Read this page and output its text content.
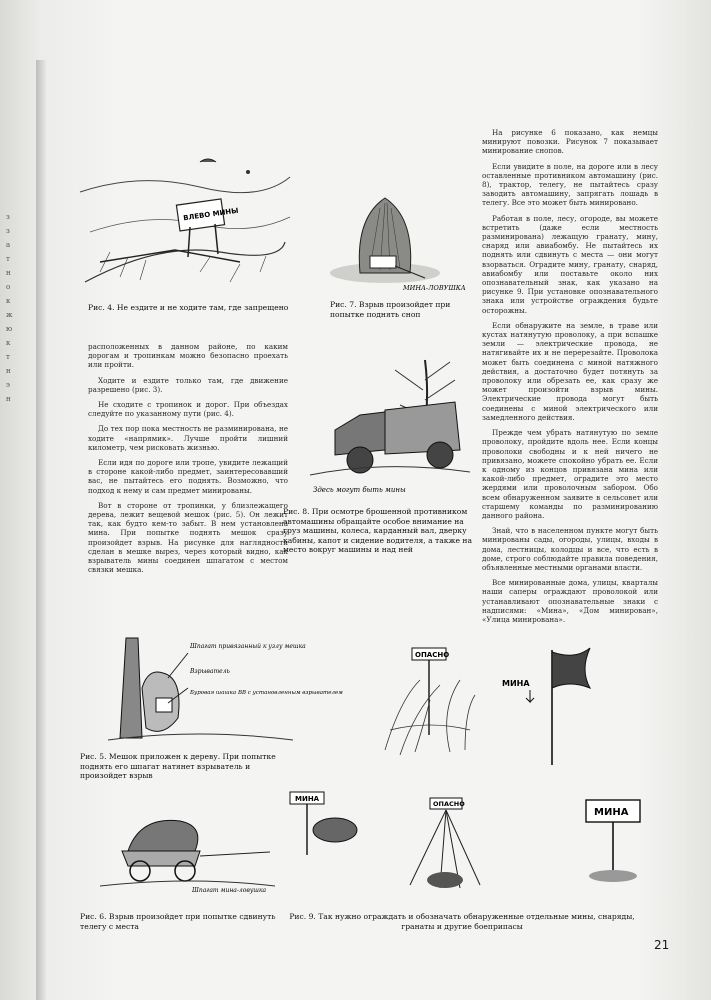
з
з
а
т
н
о
к
ж
ю
к
т
н
э
н
ВЛЕВО МИНЫ
Рис. 4. Не ездите и не ходите там, где запрещено
МИНА-ЛОВУШКА
Рис. 7. Взрыв произойдет при попытке поднять сноп

расположенных в данном районе, по каким дорогам и тропинкам можно безопасно проехать или пройти.

Ходите и ездите только там, где движение разрешено (рис. 3).

Не сходите с тропинок и дорог. При объездах следуйте по указанному пути (рис. 4).

До тех пор пока местность не разминирована, не ходите «напрямик». Лучше пройти лишний километр, чем рисковать жизнью.

Если идя по дороге или тропе, увидите лежащий в стороне какой-либо предмет, заинтересовавший вас, не пытайтесь его поднять. Возможно, что подход к нему и сам предмет минированы.

Вот в стороне от тропинки, у близлежащего дерева, лежит вещевой мешок (рис. 5). Он лежит так, как будто кем-то забыт. В нем установлена мина. При попытке поднять мешок сразу произойдет взрыв. На рисунке для наглядности сделан в мешке вырез, через который видно, как взрыватель мины соединен шпагатом с местом связки мешка.

Здесь могут быть мины
Рис. 8. При осмотре брошенной противником автомашины обращайте особое внимание на груз машины, колеса, карданный вал, дверку кабины, капот и сидение водителя, а также на место вокруг машины и над ней

На рисунке 6 показано, как немцы минируют повозки. Рисунок 7 показывает минирование снопов.

Если увидите в поле, на дороге или в лесу оставленные противником автомашину (рис. 8), трактор, телегу, не пытайтесь сразу заводить автомашину, запрягать лошадь в телегу. Все это может быть минировано.

Работая в поле, лесу, огороде, вы можете встретить (даже если местность разминирована) лежащую гранату, мину, снаряд или авиабомбу. Не пытайтесь их поднять или сдвинуть с места — они могут взорваться. Оградите мину, гранату, снаряд, авиабомбу или поставьте около них опознавательный знак, как указано на рисунке 9. При установке опознавательного знака или устройстве ограждения будьте осторожны.

Если обнаружите на земле, в траве или кустах натянутую проволоку, а при вспашке земли — электрические провода, не натягивайте их и не перерезайте. Проволока может быть соединена с миной натяжного действия, а достаточно будет потянуть за проволоку или обрезать ее, как сразу же может произойти взрыв мины. Электрические провода могут быть соединены с миной электрического или замедленного действия.

Прежде чем убрать натянутую по земле проволоку, пройдите вдоль нее. Если концы проволоки свободны и к ней ничего не привязано, можете спокойно убрать ее. Если к одному из концов привязана мина или какой-либо предмет, оградите это место жердями или проволочным забором. Обо всем обнаруженном заявите в сельсовет или старшему команды по разминированию данного района.

Знай, что в населенном пункте могут быть минированы сады, огороды, улицы, входы в дома, лестницы, колодцы и все, что есть в доме, строго соблюдайте правила поведения, объявленные местными органами власти.

Все минированные дома, улицы, кварталы наши саперы ограждают проволокой или устанавливают опознавательные знаки с надписями: «Мина», «Дом минирован», «Улица минирована».

Шпагат привязанный к узлу мешка
Взрыватель
Буровая шашка ВВ с установленным взрывателем
Рис. 5. Мешок приложен к дереву. При попытке поднять его шпагат натянет взрыватель и произойдет взрыв
ОПАСНО
МИНА
МИНА
ОПАСНО
МИНА
Шпагат мина-ловушка
Рис. 6. Взрыв произойдет при попытке сдвинуть телегу с места
Рис. 9. Так нужно ограждать и обозначать обнаруженные отдельные мины, снаряды, гранаты и другие боеприпасы
21
